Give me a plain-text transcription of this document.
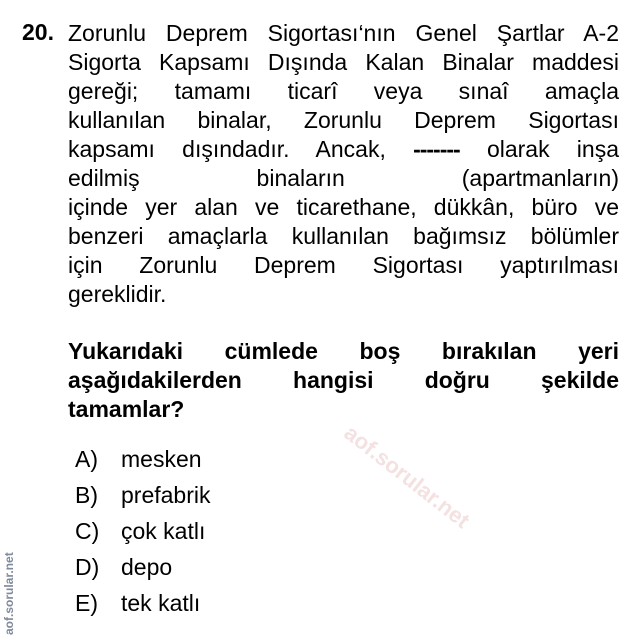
aof.sorular.net
aof.sorular.net
20. Zorunlu Deprem Sigortası‘nın Genel Şartlar A-2
Sigorta Kapsamı Dışında Kalan Binalar maddesi
gereği; tamamı ticarî veya sınaî amaçla
kullanılan binalar, Zorunlu Deprem Sigortası
kapsamı dışındadır. Ancak, ------- olarak inşa
edilmiş binaların (apartmanların)
içinde yer alan ve ticarethane, dükkân, büro ve
benzeri amaçlarla kullanılan bağımsız bölümler
için Zorunlu Deprem Sigortası yaptırılması
gereklidir.
Yukarıdaki cümlede boş bırakılan yeri
aşağıdakilerden hangisi doğru şekilde
tamamlar?
A)	mesken
B)	prefabrik
C) çok katlı
D) depo
E)	tek katlı
